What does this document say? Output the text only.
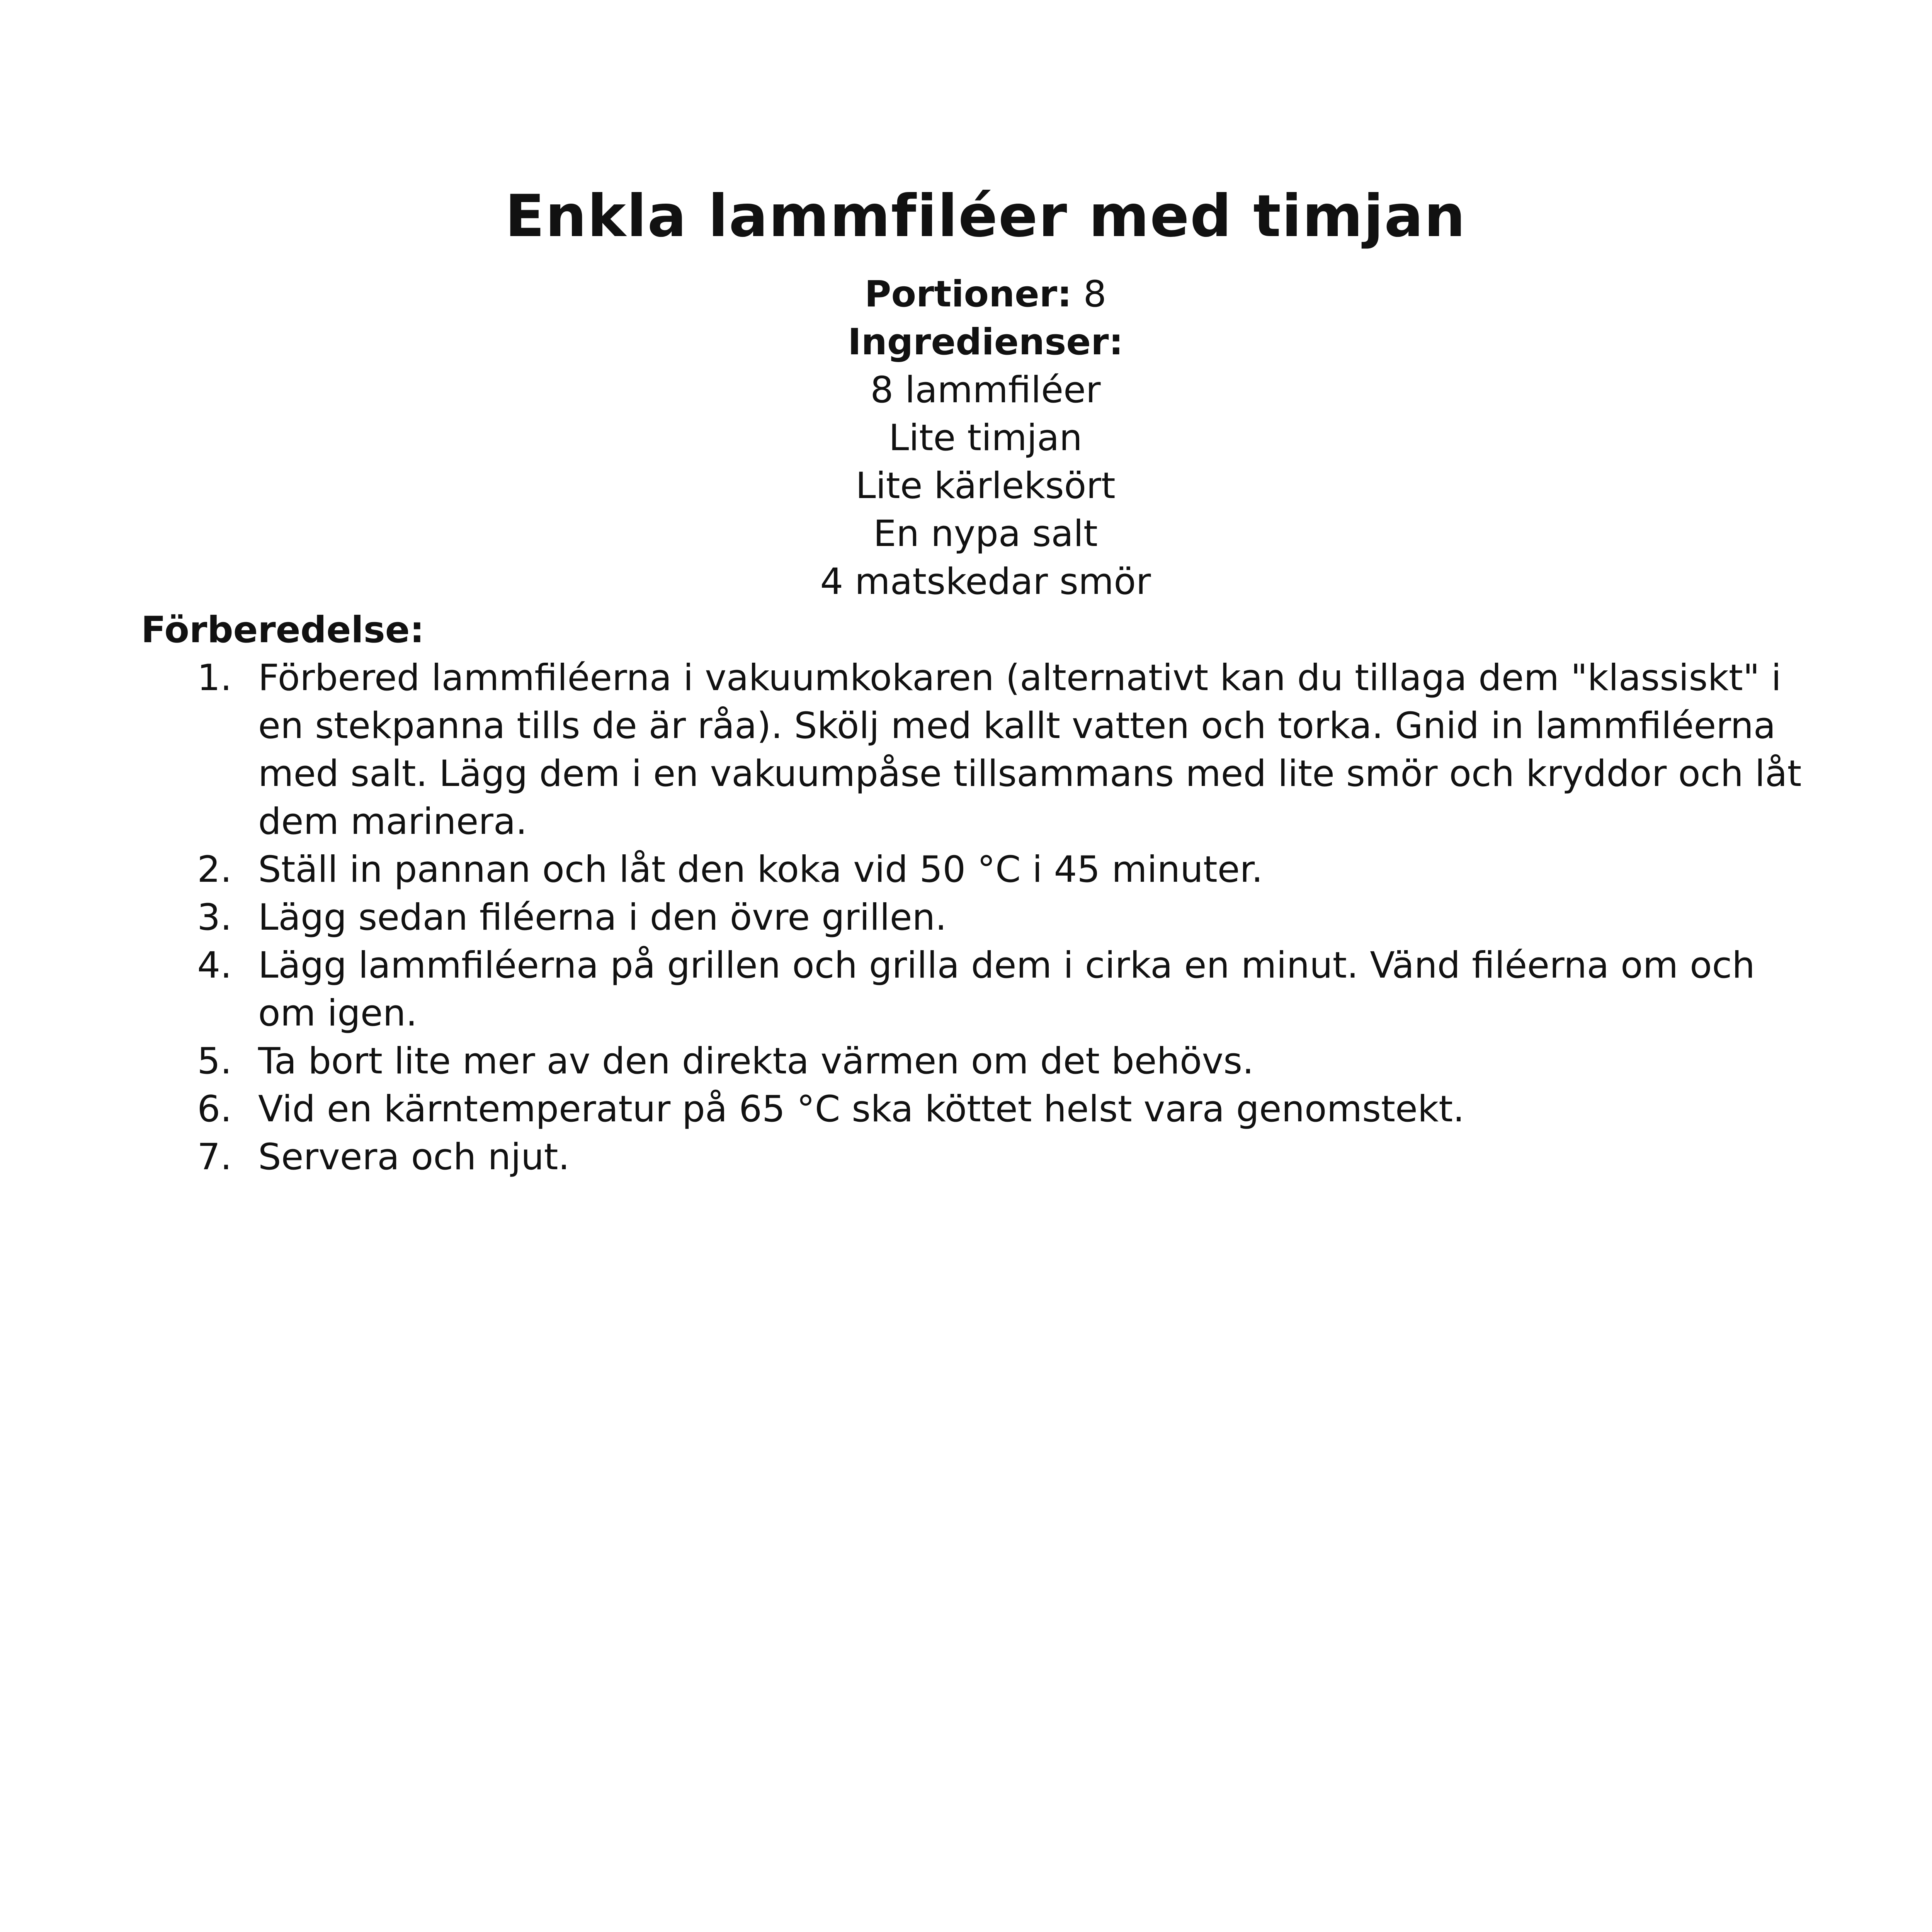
Enkla lammfiléer med timjan
Portioner: 8
Ingredienser:
8 lammfiléer
Lite timjan
Lite kärleksört
En nypa salt
4 matskedar smör
Förberedelse:
1. Förbered lammfiléerna i vakuumkokaren (alternativt kan du tillaga dem "klassiskt" i en stekpanna tills de är råa). Skölj med kallt vatten och torka. Gnid in lammfiléerna med salt. Lägg dem i en vakuumpåse tillsammans med lite smör och kryddor och låt dem marinera.
2. Ställ in pannan och låt den koka vid 50 °C i 45 minuter.
3. Lägg sedan filéerna i den övre grillen.
4. Lägg lammfiléerna på grillen och grilla dem i cirka en minut. Vänd filéerna om och om igen.
5. Ta bort lite mer av den direkta värmen om det behövs.
6. Vid en kärntemperatur på 65 °C ska köttet helst vara genomstekt.
7. Servera och njut.
